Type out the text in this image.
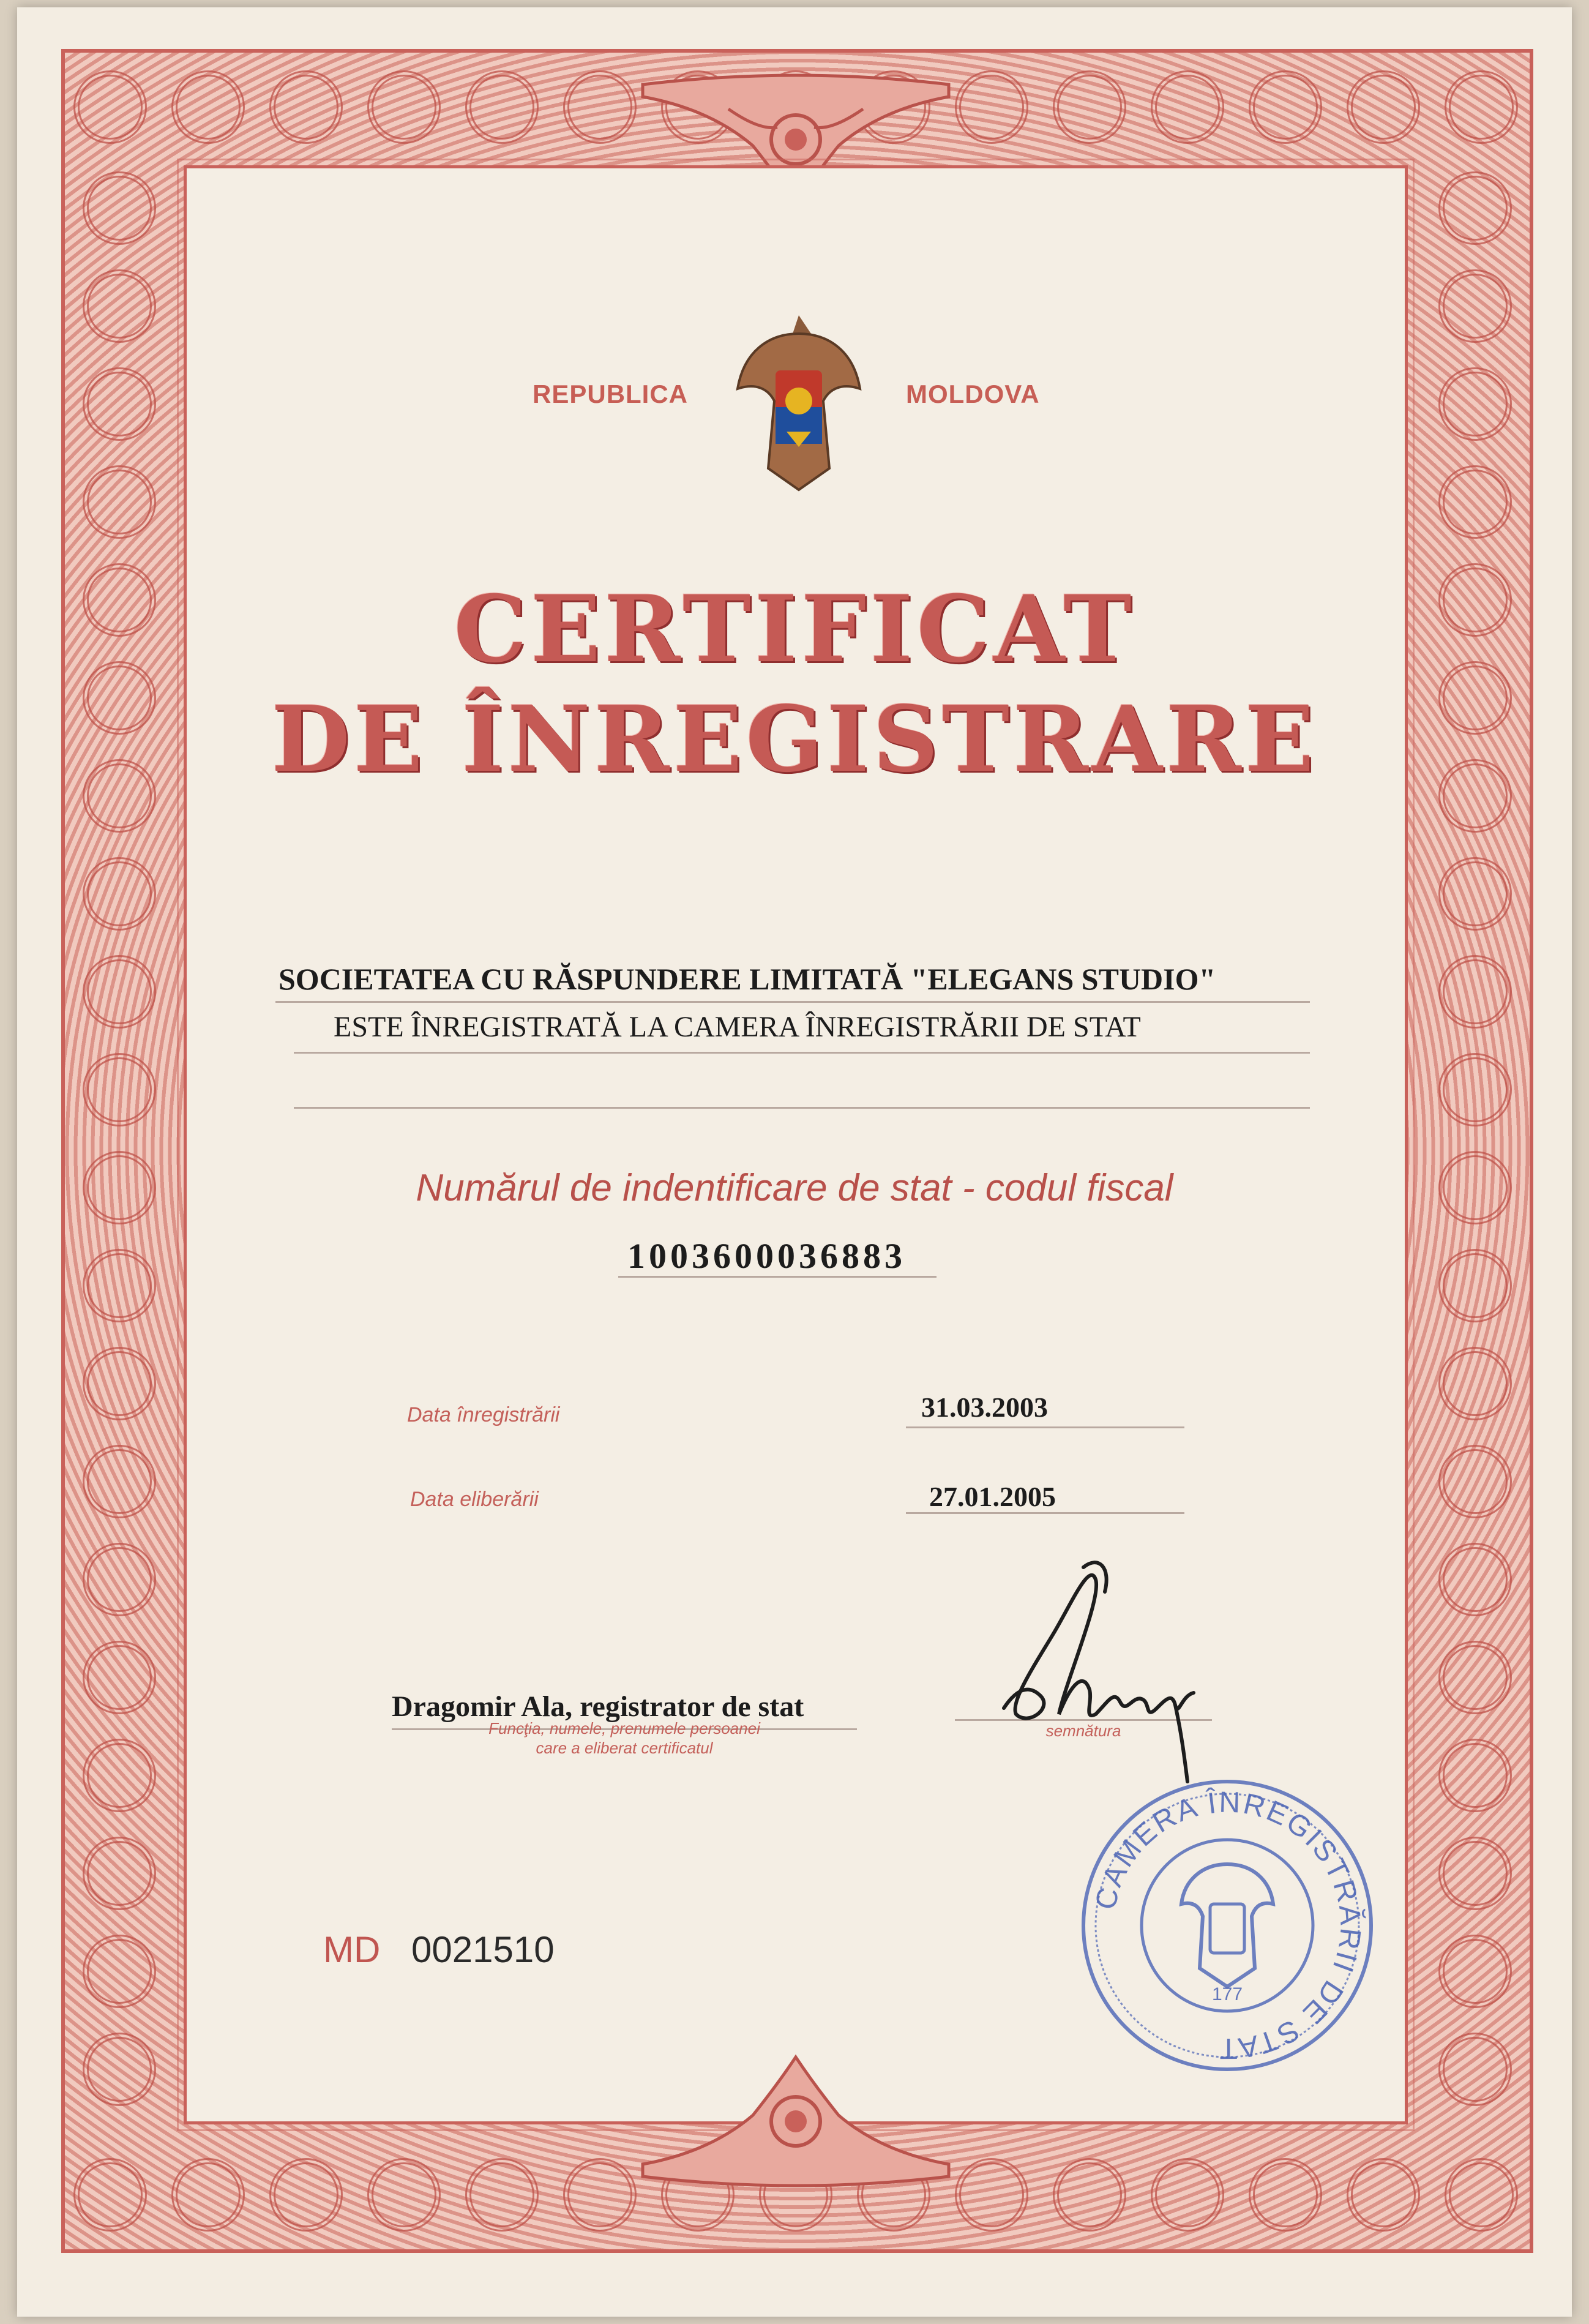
REPUBLICA	MOLDOVA
CERTIFICAT
DE ÎNREGISTRARE
SOCIETATEA CU RĂSPUNDERE LIMITATĂ "ELEGANS STUDIO"
ESTE ÎNREGISTRATĂ LA CAMERA ÎNREGISTRĂRII DE STAT
Numărul de indentificare de stat - codul fiscal
1003600036883
Data înregistrării	31.03.2003
Data eliberării	27.01.2005
Dragomir Ala, registrator de stat
Funcţia, numele, prenumele persoanei
care a eliberat certificatul
semnătura
MD 0021510
CAMERA ÎNREGISTRĂRII DE STAT
177
